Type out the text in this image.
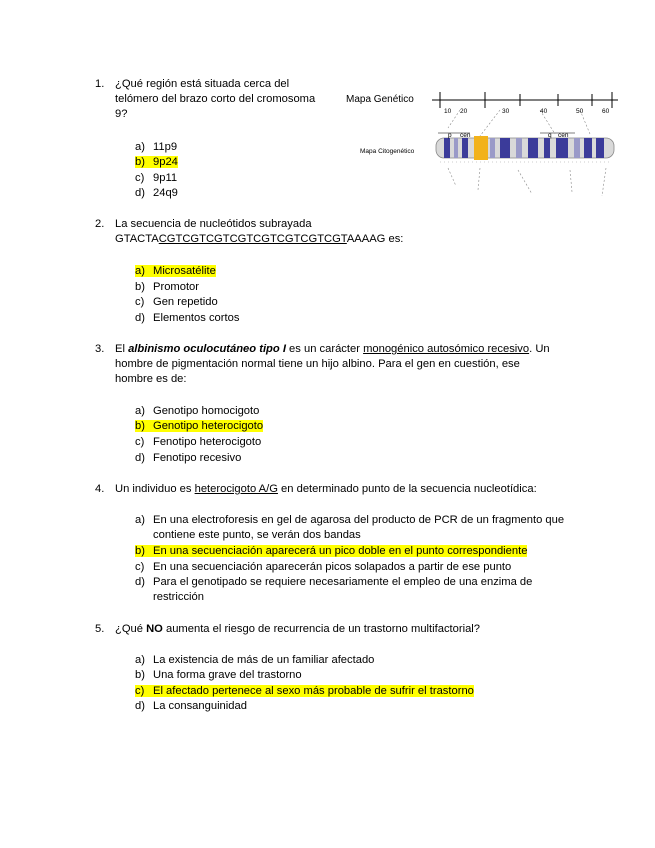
1. ¿Qué región está situada cerca del
telómero del brazo corto del cromosoma
9?
a) 11p9
b) 9p24
c) 9p11
d) 24q9
Mapa Genético
10 20	30	40	50	60
p cen	q cen
Mapa Citogenético
2. La secuencia de nucleótidos subrayada
GTACTACGTCGTCGTCGTCGTCGTCGTCGTAAAAG es:
a) Microsatélite
b) Promotor
c) Gen repetido
d) Elementos cortos
3. El albinismo oculocutáneo tipo I es un carácter monogénico autosómico recesivo. Un
hombre de pigmentación normal tiene un hijo albino. Para el gen en cuestión, ese
hombre es de:
a) Genotipo homocigoto
b) Genotipo heterocigoto
c) Fenotipo heterocigoto
d) Fenotipo recesivo
4. Un individuo es heterocigoto A/G en determinado punto de la secuencia nucleotídica:
a) En una electroforesis en gel de agarosa del producto de PCR de un fragmento que contiene este punto, se verán dos bandas
b) En una secuenciación aparecerá un pico doble en el punto correspondiente
c) En una secuenciación aparecerán picos solapados a partir de ese punto
d) Para el genotipado se requiere necesariamente el empleo de una enzima de restricción
5. ¿Qué NO aumenta el riesgo de recurrencia de un trastorno multifactorial?
a) La existencia de más de un familiar afectado
b) Una forma grave del trastorno
c) El afectado pertenece al sexo más probable de sufrir el trastorno
d) La consanguinidad
